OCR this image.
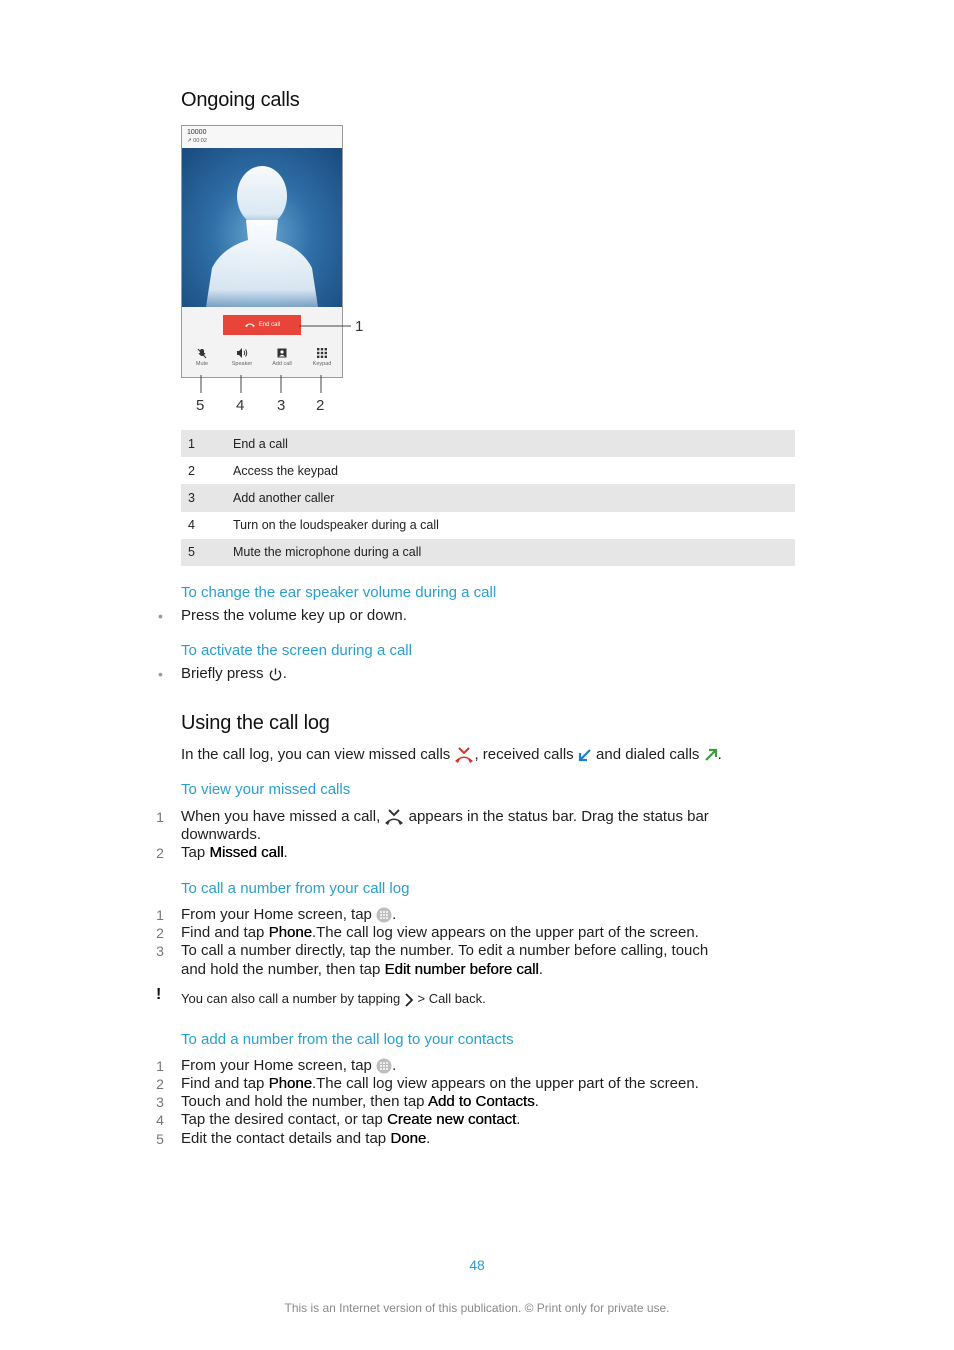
Ongoing calls
10000
↗ 00:02
End call
Mute	Speaker	Add call	Keypad
1
5 4 3 2
1	End a call
2	Access the keypad
3	Add another caller
4	Turn on the loudspeaker during a call
5	Mute the microphone during a call
To change the ear speaker volume during a call
• Press the volume key up or down.
To activate the screen during a call
• Briefly press .
Using the call log
In the call log, you can view missed calls , received calls and dialed calls .
To view your missed calls
1 When you have missed a call, appears in the status bar. Drag the status bar
downwards.
2 Tap Missed call.
To call a number from your call log
1 From your Home screen, tap .
2 Find and tap Phone.The call log view appears on the upper part of the screen.
3 To call a number directly, tap the number. To edit a number before calling, touch
and hold the number, then tap Edit number before call.
! You can also call a number by tapping > Call back.
To add a number from the call log to your contacts
1 From your Home screen, tap .
2 Find and tap Phone.The call log view appears on the upper part of the screen.
3 Touch and hold the number, then tap Add to Contacts.
4 Tap the desired contact, or tap Create new contact.
5 Edit the contact details and tap Done.
48
This is an Internet version of this publication. © Print only for private use.
